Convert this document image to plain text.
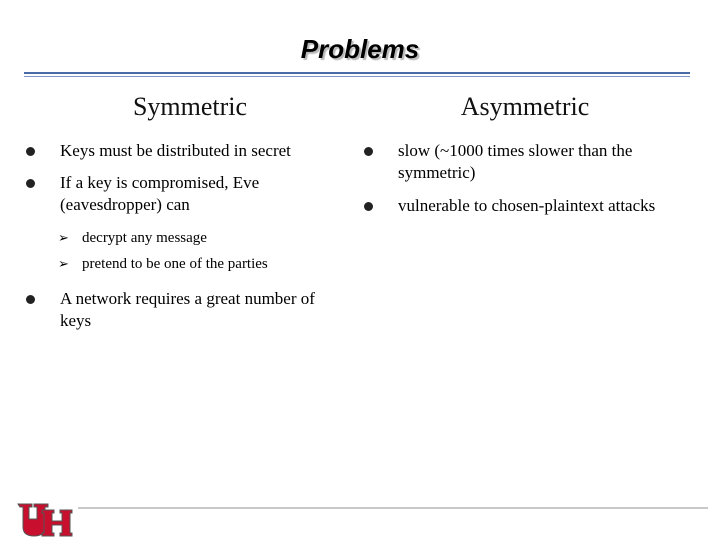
Problems
Symmetric	Asymmetric
Keys must be distributed in secret
If a key is compromised, Eve (eavesdropper) can
➢ decrypt any message
➢ pretend to be one of the parties
A network requires a great number of keys
slow (~1000 times slower than the symmetric)
vulnerable to chosen-plaintext attacks
